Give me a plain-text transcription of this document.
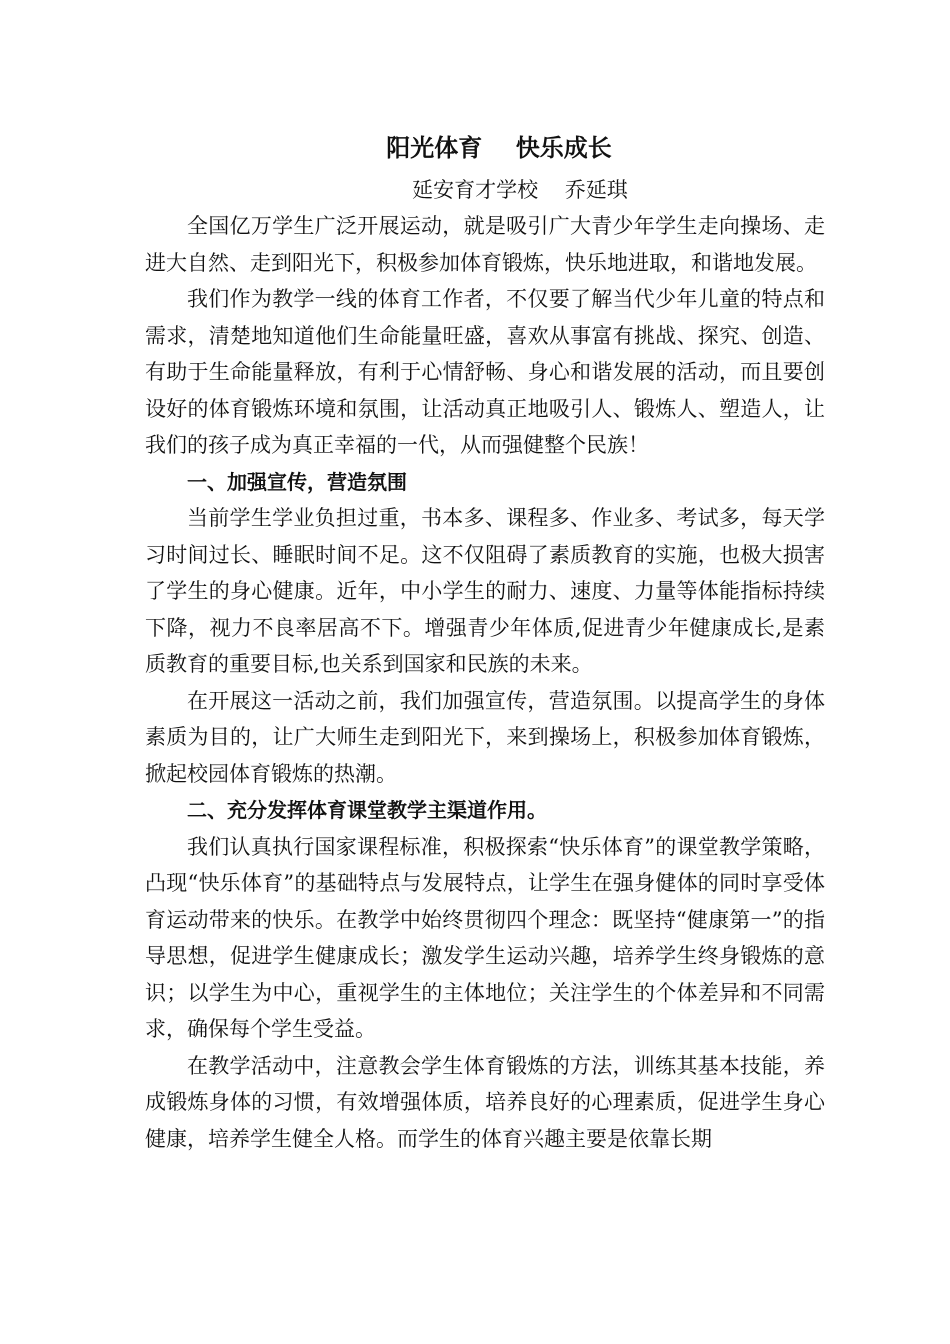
阳光体育    快乐成长
延安育才学校    乔延琪

全国亿万学生广泛开展运动，就是吸引广大青少年学生走向操场、走进大自然、走到阳光下，积极参加体育锻炼，快乐地进取，和谐地发展。

我们作为教学一线的体育工作者，不仅要了解当代少年儿童的特点和需求，清楚地知道他们生命能量旺盛，喜欢从事富有挑战、探究、创造、有助于生命能量释放，有利于心情舒畅、身心和谐发展的活动，而且要创设好的体育锻炼环境和氛围，让活动真正地吸引人、锻炼人、塑造人，让我们的孩子成为真正幸福的一代，从而强健整个民族！

一、加强宣传，营造氛围

当前学生学业负担过重，书本多、课程多、作业多、考试多，每天学习时间过长、睡眠时间不足。这不仅阻碍了素质教育的实施，也极大损害了学生的身心健康。近年，中小学生的耐力、速度、力量等体能指标持续下降，视力不良率居高不下。增强青少年体质,促进青少年健康成长,是素质教育的重要目标,也关系到国家和民族的未来。

在开展这一活动之前，我们加强宣传，营造氛围。以提高学生的身体素质为目的，让广大师生走到阳光下，来到操场上，积极参加体育锻炼，掀起校园体育锻炼的热潮。

二、充分发挥体育课堂教学主渠道作用。

我们认真执行国家课程标准，积极探索“快乐体育”的课堂教学策略，凸现“快乐体育”的基础特点与发展特点，让学生在强身健体的同时享受体育运动带来的快乐。在教学中始终贯彻四个理念：既坚持“健康第一”的指导思想，促进学生健康成长；激发学生运动兴趣，培养学生终身锻炼的意识；以学生为中心，重视学生的主体地位；关注学生的个体差异和不同需求，确保每个学生受益。

在教学活动中，注意教会学生体育锻炼的方法，训练其基本技能，养成锻炼身体的习惯，有效增强体质，培养良好的心理素质，促进学生身心健康，培养学生健全人格。而学生的体育兴趣主要是依靠长期
